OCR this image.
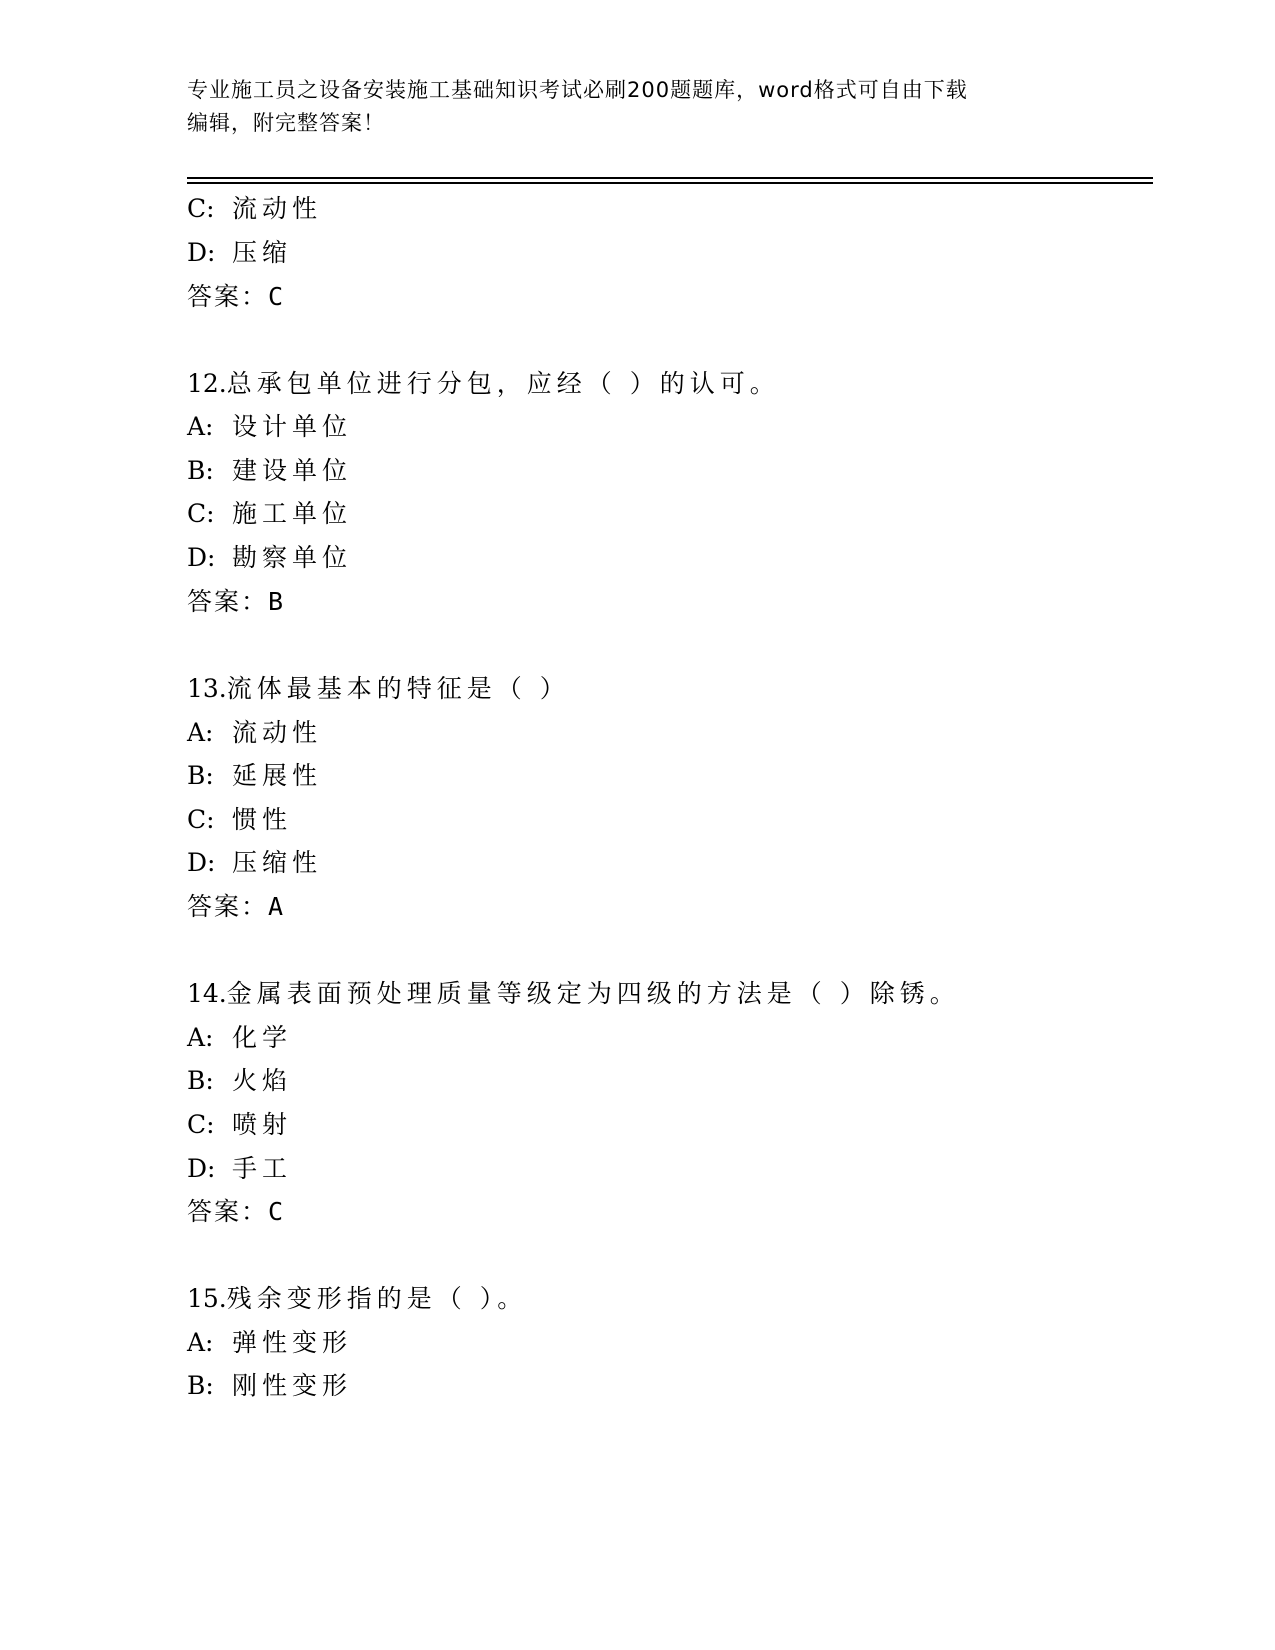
专业施工员之设备安装施工基础知识考试必刷200题题库，word格式可自由下载
编辑，附完整答案！
C: 流动性
D: 压缩
答案：C
12.总承包单位进行分包，应经（ ）的认可。
A: 设计单位
B: 建设单位
C: 施工单位
D: 勘察单位
答案：B
13.流体最基本的特征是（ ）
A: 流动性
B: 延展性
C: 惯性
D: 压缩性
答案：A
14.金属表面预处理质量等级定为四级的方法是（ ）除锈。
A: 化学
B: 火焰
C: 喷射
D: 手工
答案：C
15.残余变形指的是（ ）。
A: 弹性变形
B: 刚性变形
